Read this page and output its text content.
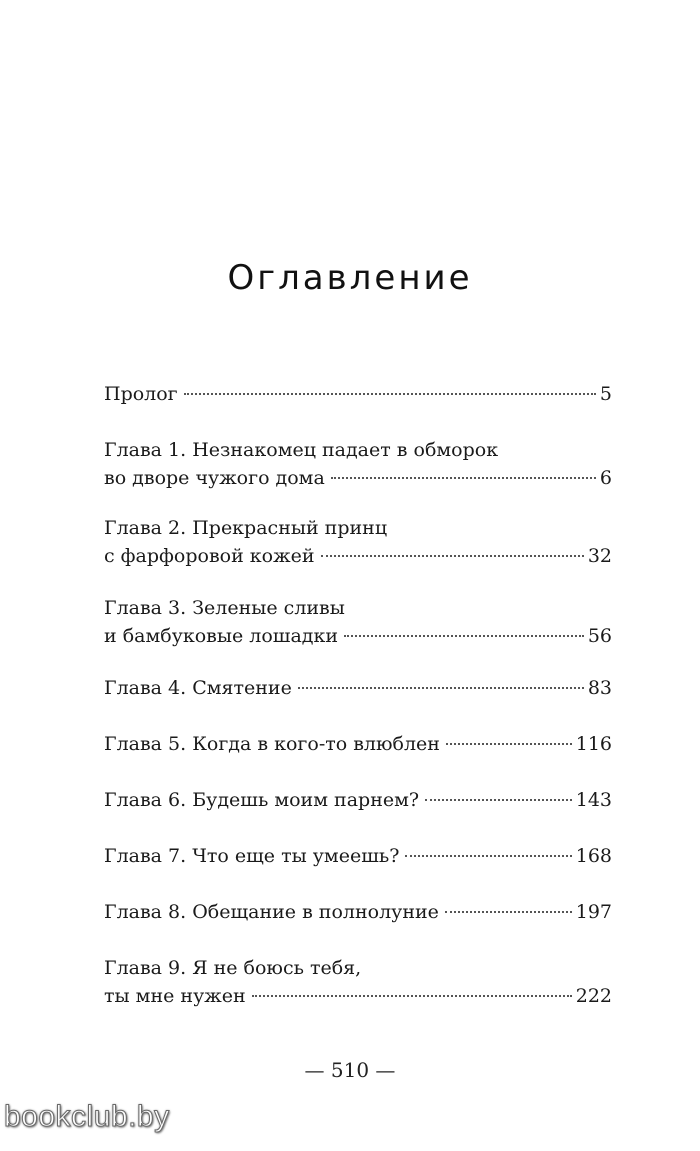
Оглавление
Пролог	5
Глава 1. Незнакомец падает в обморок
во дворе чужого дома	6
Глава 2. Прекрасный принц
с фарфоровой кожей	32
Глава 3. Зеленые сливы
и бамбуковые лошадки	56
Глава 4. Смятение	83
Глава 5. Когда в кого-то влюблен	116
Глава 6. Будешь моим парнем?	143
Глава 7. Что еще ты умеешь?	168
Глава 8. Обещание в полнолуние	197
Глава 9. Я не боюсь тебя,
ты мне нужен	222
— 510 —
bookclub.by
